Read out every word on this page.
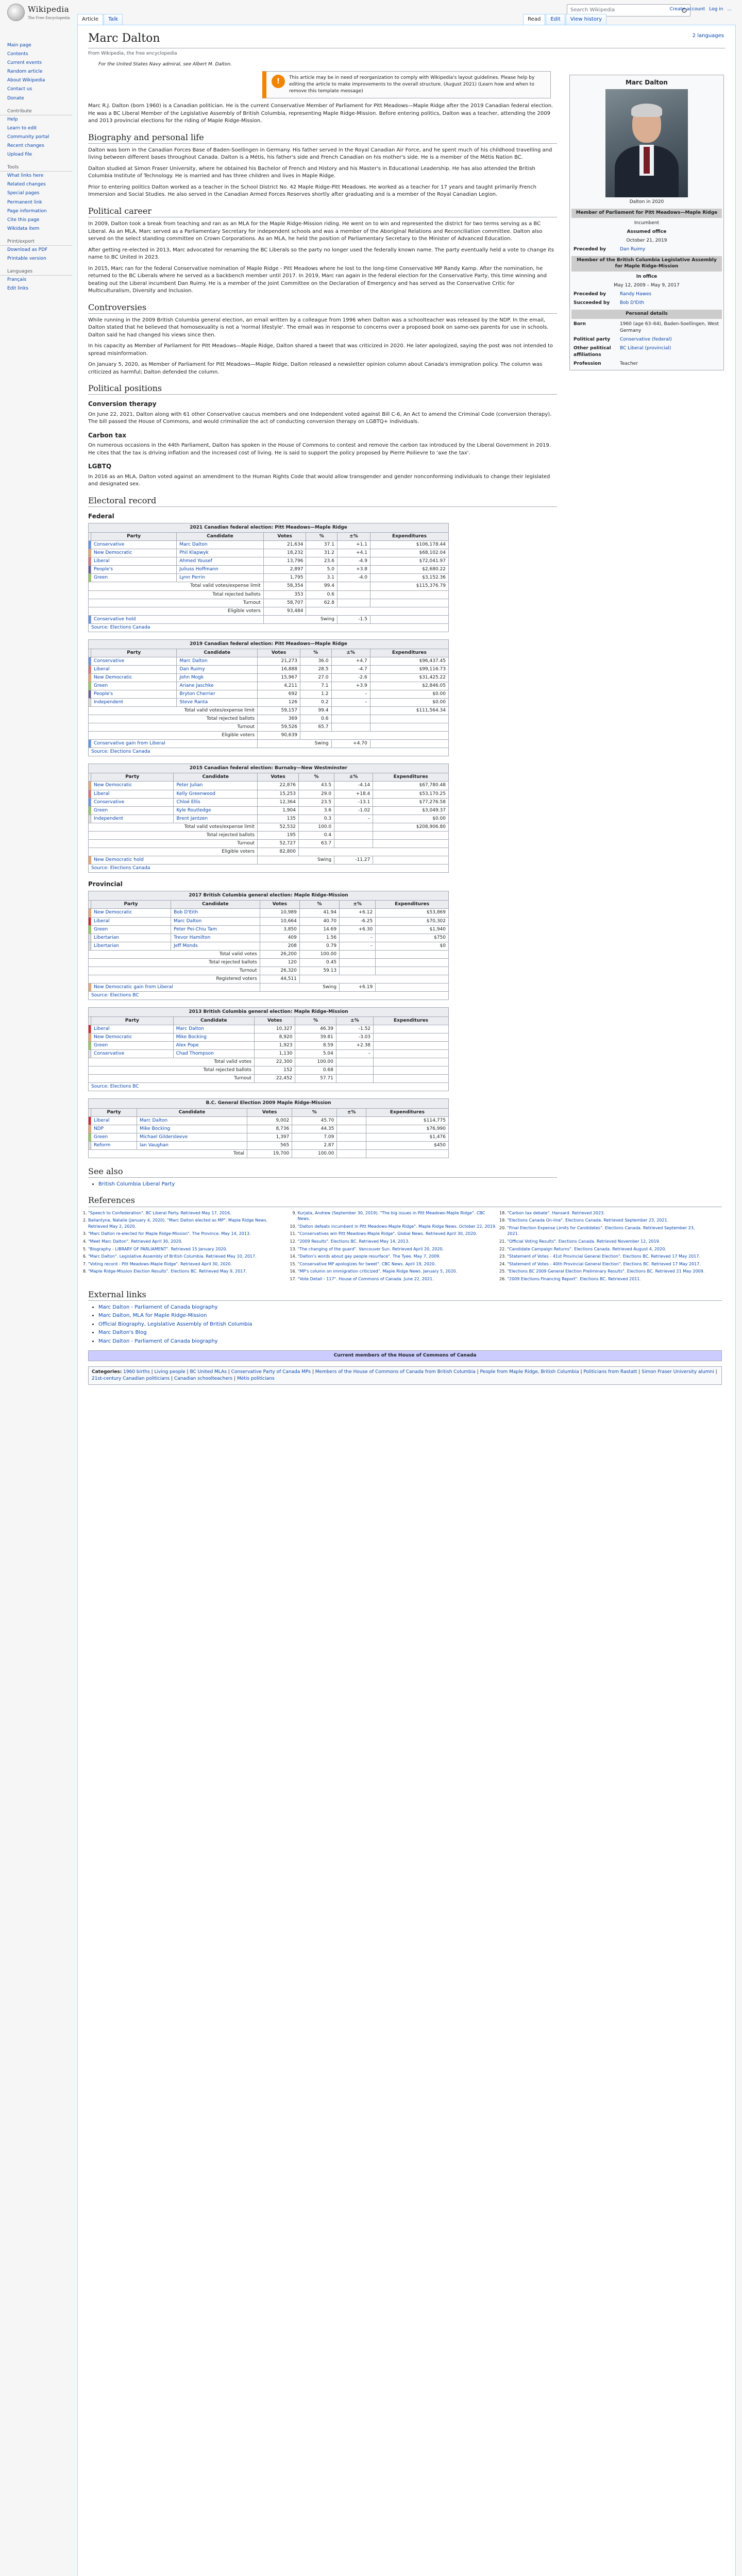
Wikipedia
The Free Encyclopedia
Search Wikipedia	Create account Log in ...
Main page
Contents
Current events
Random article
About Wikipedia
Contact us
Donate
Contribute
Help
Learn to edit
Community portal
Recent changes
Upload file
Tools
What links here
Related changes
Special pages
Permanent link
Page information
Cite this page
Wikidata item
Print/export
Download as PDF
Printable version
Languages
Français
Edit links
Article	Talk	Read	Edit	View history
Marc Dalton	2 languages
From Wikipedia, the free encyclopedia
For the United States Navy admiral, see Albert M. Dalton.
!	This article may be in need of reorganization to comply with Wikipedia's layout guidelines. Please help by editing the article to make improvements to the overall structure. (August 2021) (Learn how and when to remove this template message)
Marc Dalton
Dalton in 2020
Member of Parliament for Pitt Meadows—Maple Ridge
Incumbent
Assumed office
October 21, 2019
Preceded by	Dan Ruimy
Member of the British Columbia Legislative Assembly for Maple Ridge-Mission
In office
May 12, 2009 – May 9, 2017
Preceded by	Randy Hawes
Succeeded by	Bob D'Eith
Personal details
Born	1960 (age 63–64), Baden-Soellingen, West Germany
Political party	Conservative (federal)
Other political affiliations
BC Liberal (provincial)
Profession	Teacher

Marc R.J. Dalton (born 1960) is a Canadian politician. He is the current Conservative Member of Parliament for Pitt Meadows—Maple Ridge after the 2019 Canadian federal election. He was a BC Liberal Member of the Legislative Assembly of British Columbia, representing Maple Ridge-Mission. Before entering politics, Dalton was a teacher, attending the 2009 and 2013 provincial elections for the riding of Maple Ridge-Mission.

Biography and personal life

Dalton was born in the Canadian Forces Base of Baden-Soellingen in Germany. His father served in the Royal Canadian Air Force, and he spent much of his childhood travelling and living between different bases throughout Canada. Dalton is a Métis, his father's side and French Canadian on his mother's side. He is a member of the Métis Nation BC.

Dalton studied at Simon Fraser University, where he obtained his Bachelor of French and History and his Master's in Educational Leadership. He has also attended the British Columbia Institute of Technology. He is married and has three children and lives in Maple Ridge.

Prior to entering politics Dalton worked as a teacher in the School District No. 42 Maple Ridge-Pitt Meadows. He worked as a teacher for 17 years and taught primarily French Immersion and Social Studies. He also served in the Canadian Armed Forces Reserves shortly after graduating and is a member of the Royal Canadian Legion.

Political career

In 2009, Dalton took a break from teaching and ran as an MLA for the Maple Ridge-Mission riding. He went on to win and represented the district for two terms serving as a BC Liberal. As an MLA, Marc served as a Parliamentary Secretary for independent schools and was a member of the Aboriginal Relations and Reconciliation committee. Dalton also served on the select standing committee on Crown Corporations. As an MLA, he held the position of Parliamentary Secretary to the Minister of Advanced Education.

After getting re-elected in 2013, Marc advocated for renaming the BC Liberals so the party no longer used the federally known name. The party eventually held a vote to change its name to BC United in 2023.

In 2015, Marc ran for the federal Conservative nomination of Maple Ridge - Pitt Meadows where he lost to the long-time Conservative MP Randy Kamp. After the nomination, he returned to the BC Liberals where he served as a backbench member until 2017. In 2019, Marc ran again in the federal election for the Conservative Party, this time winning and beating out the Liberal incumbent Dan Ruimy. He is a member of the Joint Committee on the Declaration of Emergency and has served as the Conservative Critic for Multiculturalism, Diversity and Inclusion.

Controversies

While running in the 2009 British Columbia general election, an email written by a colleague from 1996 when Dalton was a schoolteacher was released by the NDP. In the email, Dalton stated that he believed that homosexuality is not a 'normal lifestyle'. The email was in response to concerns over a proposed book on same-sex parents for use in schools. Dalton said he had changed his views since then.

In his capacity as Member of Parliament for Pitt Meadows—Maple Ridge, Dalton shared a tweet that was criticized in 2020. He later apologized, saying the post was not intended to spread misinformation.

On January 5, 2020, as Member of Parliament for Pitt Meadows—Maple Ridge, Dalton released a newsletter opinion column about Canada's immigration policy. The column was criticized as harmful; Dalton defended the column.

Political positions
Conversion therapy

On June 22, 2021, Dalton along with 61 other Conservative caucus members and one Independent voted against Bill C-6, An Act to amend the Criminal Code (conversion therapy). The bill passed the House of Commons, and would criminalize the act of conducting conversion therapy on LGBTQ+ individuals.

Carbon tax

On numerous occasions in the 44th Parliament, Dalton has spoken in the House of Commons to contest and remove the carbon tax introduced by the Liberal Government in 2019. He cites that the tax is driving inflation and the increased cost of living. He is said to support the policy proposed by Pierre Poilievre to 'axe the tax'.

LGBTQ

In 2016 as an MLA, Dalton voted against an amendment to the Human Rights Code that would allow transgender and gender nonconforming individuals to change their legislated and designated sex.

Electoral record
Federal
2021 Canadian federal election: Pitt Meadows—Maple Ridge
	Party	Candidate	Votes	%	±%	Expenditures
	Conservative	Marc Dalton	21,634	37.1	+1.1	$106,178.44
	New Democratic	Phil Klapwyk	18,232	31.2	+4.1	$68,102.04
	Liberal	Ahmed Yousef	13,796	23.6	-4.9	$72,041.97
	People's	Juliuss Hoffmann	2,897	5.0	+3.8	$2,680.22
	Green	Lynn Perrin	1,795	3.1	-4.0	$3,152.36
Total valid votes/expense limit			58,354	99.4		$115,376.79
Total rejected ballots			353	0.6		
Turnout			58,707	62.8		
Eligible voters			93,484			
	Conservative hold		Swing		-1.5	
Source: Elections Canada						
2019 Canadian federal election: Pitt Meadows—Maple Ridge
	Party	Candidate	Votes	%	±%	Expenditures
	Conservative	Marc Dalton	21,273	36.0	+4.7	$96,437.45
	Liberal	Dan Ruimy	16,888	28.5	-4.7	$99,116.73
	New Democratic	John Mogk	15,967	27.0	-2.6	$31,425.22
	Green	Ariane Jaschke	4,211	7.1	+3.9	$2,846.05
	People's	Bryton Cherrier	692	1.2	–	$0.00
	Independent	Steve Ranta	126	0.2	–	$0.00
Total valid votes/expense limit			59,157	99.4		$111,564.34
Total rejected ballots			369	0.6		
Turnout			59,526	65.7		
Eligible voters			90,639			
	Conservative gain from Liberal		Swing		+4.70	
Source: Elections Canada						
2015 Canadian federal election: Burnaby—New Westminster
	Party	Candidate	Votes	%	±%	Expenditures
	New Democratic	Peter Julian	22,876	43.5	-4.14	$67,780.48
	Liberal	Kelly Greenwood	15,253	29.0	+18.4	$53,170.25
	Conservative	Chloé Ellis	12,364	23.5	-13.1	$77,276.58
	Green	Kyle Routledge	1,904	3.6	-1.02	$3,049.37
	Independent	Brent Jantzen	135	0.3	–	$0.00
Total valid votes/expense limit			52,532	100.0		$208,906.80
Total rejected ballots			195	0.4		
Turnout			52,727	63.7		
Eligible voters			82,800			
	New Democratic hold		Swing		-11.27	
Source: Elections Canada						
Provincial
2017 British Columbia general election: Maple Ridge-Mission
	Party	Candidate	Votes	%	±%	Expenditures
	New Democratic	Bob D'Eith	10,989	41.94	+6.12	$53,869
	Liberal	Marc Dalton	10,664	40.70	-6.25	$70,302
	Green	Peter Pei-Chiu Tam	3,850	14.69	+6.30	$1,940
	Libertarian	Trevor Hamilton	409	1.56	–	$750
	Libertarian	Jeff Monds	208	0.79	–	$0
Total valid votes			26,200	100.00		
Total rejected ballots			120	0.45		
Turnout			26,320	59.13		
Registered voters			44,511			
	New Democratic gain from Liberal		Swing		+6.19	
Source: Elections BC						
2013 British Columbia general election: Maple Ridge-Mission
	Party	Candidate	Votes	%	±%	Expenditures
	Liberal	Marc Dalton	10,327	46.39	-1.52	
	New Democratic	Mike Bocking	8,920	39.81	-3.03	
	Green	Alex Pope	1,923	8.59	+2.38	
	Conservative	Chad Thompson	1,130	5.04	–	
Total valid votes			22,300	100.00		
Total rejected ballots			152	0.68		
Turnout			22,452	57.71		
Source: Elections BC						
B.C. General Election 2009 Maple Ridge-Mission
	Party	Candidate	Votes	%	±%	Expenditures
	Liberal	Marc Dalton	9,002	45.70		$114,775
	NDP	Mike Bocking	8,736	44.35		$76,990
	Green	Michael Gildersleeve	1,397	7.09		$1,476
	Reform	Ian Vaughan	565	2.87		$450
Total			19,700	100.00		
See also
• British Columbia Liberal Party
References
1. "Speech to Confederation". BC Liberal Party. Retrieved May 17, 2016.
2. Ballantyne, Natalie (January 4, 2020). "Marc Dalton elected as MP". Maple Ridge News. Retrieved May 2, 2020.
3. "Marc Dalton re-elected for Maple Ridge-Mission". The Province. May 14, 2013.
4. "Meet Marc Dalton". Retrieved April 30, 2020.
5. "Biography - LIBRARY OF PARLIAMENT". Retrieved 15 January 2020.
6. "Marc Dalton". Legislative Assembly of British Columbia. Retrieved May 10, 2017.
7. "Voting record - Pitt Meadows-Maple Ridge". Retrieved April 30, 2020.
8. "Maple Ridge-Mission Election Results". Elections BC. Retrieved May 9, 2017.
9. Kurjata, Andrew (September 30, 2019). "The big issues in Pitt Meadows-Maple Ridge". CBC News.
10. "Dalton defeats incumbent in Pitt Meadows-Maple Ridge". Maple Ridge News. October 22, 2019.
11. "Conservatives win Pitt Meadows-Maple Ridge". Global News. Retrieved April 30, 2020.
12. "2009 Results". Elections BC. Retrieved May 14, 2013.
13. "The changing of the guard". Vancouver Sun. Retrieved April 20, 2020.
14. "Dalton's words about gay people resurface". The Tyee. May 7, 2009.
15. "Conservative MP apologizes for tweet". CBC News. April 19, 2020.
16. "MP's column on immigration criticized". Maple Ridge News. January 5, 2020.
17. "Vote Detail - 117". House of Commons of Canada. June 22, 2021.
18. "Carbon tax debate". Hansard. Retrieved 2023.
19. "Elections Canada On-line". Elections Canada. Retrieved September 23, 2021.
20. "Final Election Expense Limits for Candidates". Elections Canada. Retrieved September 23, 2021.
21. "Official Voting Results". Elections Canada. Retrieved November 12, 2019.
22. "Candidate Campaign Returns". Elections Canada. Retrieved August 4, 2020.
23. "Statement of Votes - 41st Provincial General Election". Elections BC. Retrieved 17 May 2017.
24. "Statement of Votes - 40th Provincial General Election". Elections BC. Retrieved 17 May 2017.
25. "Elections BC 2009 General Election Preliminary Results". Elections BC. Retrieved 21 May 2009.
26. "2009 Elections Financing Report". Elections BC. Retrieved 2011.
External links
• Marc Dalton - Parliament of Canada biography
• Marc Dalton, MLA for Maple Ridge-Mission
• Official Biography, Legislative Assembly of British Columbia
• Marc Dalton's Blog
• Marc Dalton - Parliament of Canada biography
Current members of the House of Commons of Canada
Categories: 1960 births | Living people | BC United MLAs | Conservative Party of Canada MPs | Members of the House of Commons of Canada from British Columbia | People from Maple Ridge, British Columbia | Politicians from Rastatt | Simon Fraser University alumni | 21st-century Canadian politicians | Canadian schoolteachers | Métis politicians
